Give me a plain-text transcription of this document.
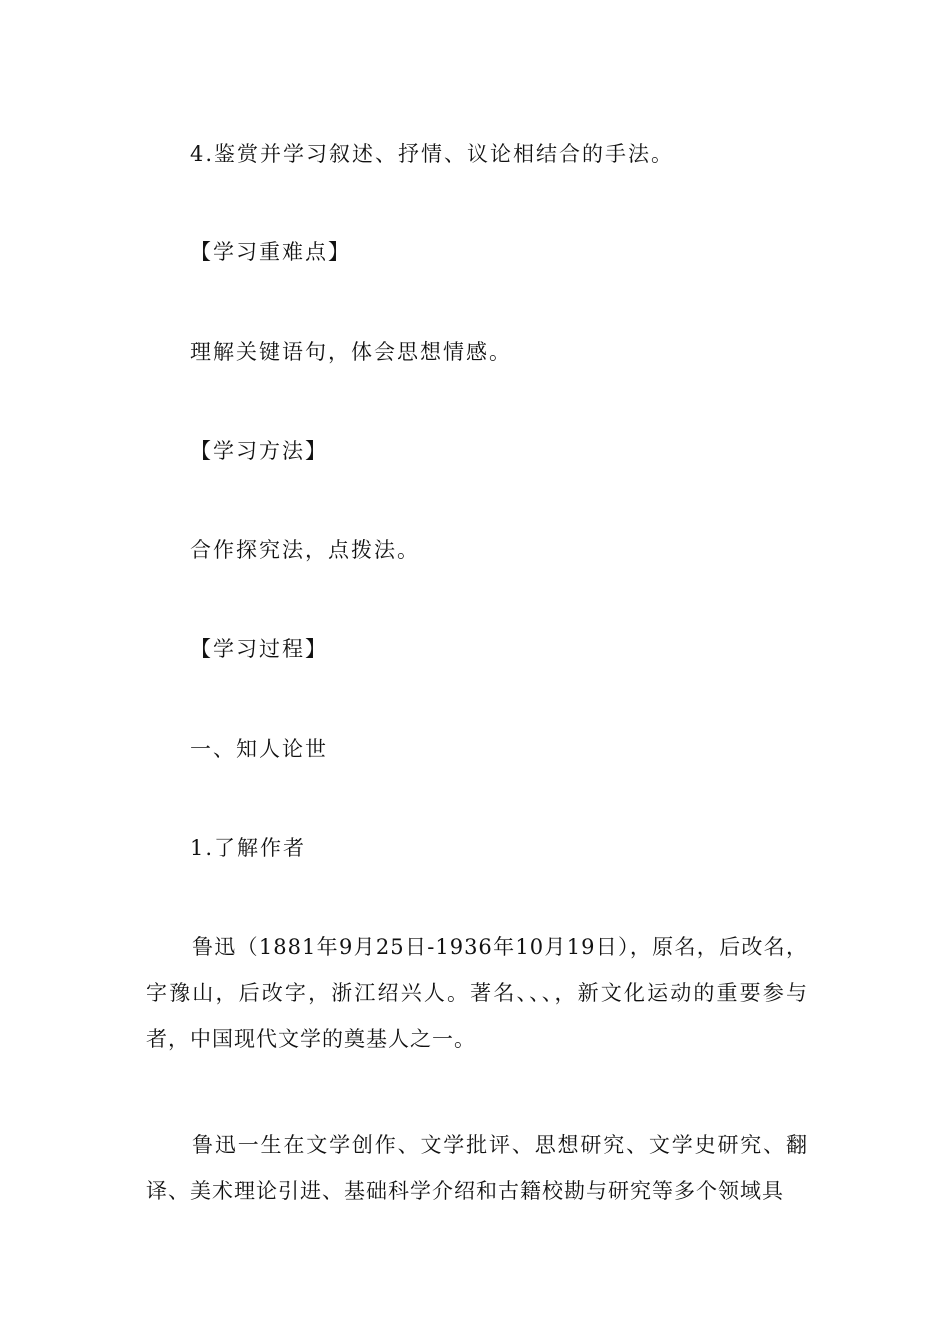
4.鉴赏并学习叙述、抒情、议论相结合的手法。
【学习重难点】
理解关键语句，体会思想情感。
【学习方法】
合作探究法，点拨法。
【学习过程】
一、知人论世
1.了解作者
鲁迅（1881年9月25日-1936年10月19日），原名，后改名，字豫山，后改字，浙江绍兴人。著名、、、，新文化运动的重要参与者，中国现代文学的奠基人之一。
鲁迅一生在文学创作、文学批评、思想研究、文学史研究、翻译、美术理论引进、基础科学介绍和古籍校勘与研究等多个领域具
